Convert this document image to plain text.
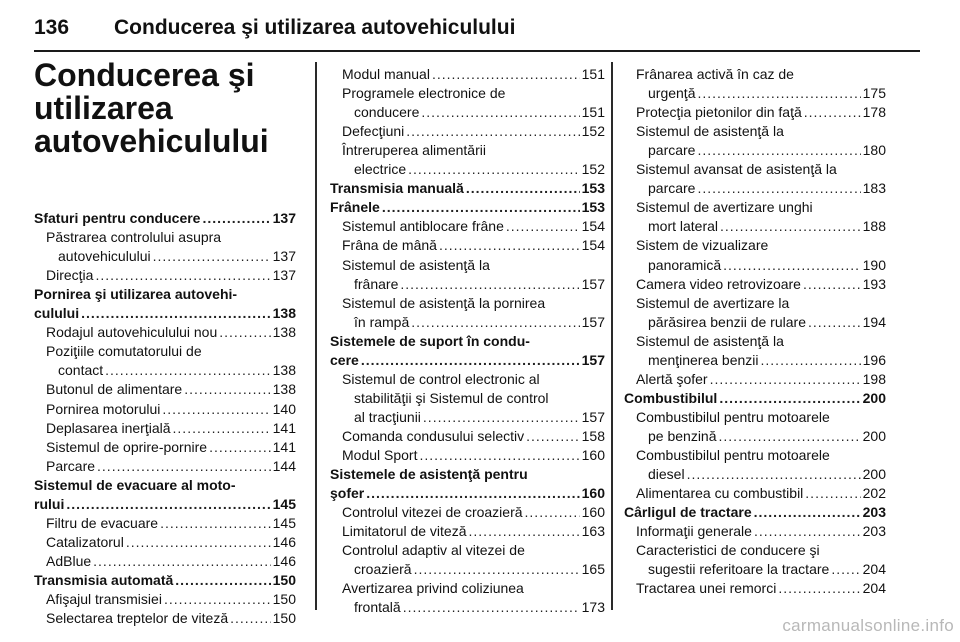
136 Conducerea şi utilizarea autovehiculului
Conducerea şi
utilizarea
autovehiculului
Sfaturi pentru conducere .....	137
Păstrarea controlului asupra
autovehiculului .....	137
Direcţia .....	137
Pornirea şi utilizarea autovehi-
culului .....	138
Rodajul autovehiculului nou .....	138
Poziţiile comutatorului de
contact .....	138
Butonul de alimentare .....	138
Pornirea motorului .....	140
Deplasarea inerţială .....	141
Sistemul de oprire-pornire .....	141
Parcare .....	144
Sistemul de evacuare al moto-
rului .....	145
Filtru de evacuare .....	145
Catalizatorul .....	146
AdBlue .....	146
Transmisia automată .....	150
Afişajul transmisiei .....	150
Selectarea treptelor de viteză .....	150
Modul manual .....	151
Programele electronice de
conducere .....	151
Defecţiuni .....	152
Întreruperea alimentării
electrice .....	152
Transmisia manuală .....	153
Frânele .....	153
Sistemul antiblocare frâne .....	154
Frâna de mână .....	154
Sistemul de asistenţă la
frânare .....	157
Sistemul de asistenţă la pornirea
în rampă .....	157
Sistemele de suport în condu-
cere .....	157
Sistemul de control electronic al
stabilităţii şi Sistemul de control
al tracţiunii .....	157
Comanda condusului selectiv .....	158
Modul Sport .....	160
Sistemele de asistenţă pentru
şofer .....	160
Controlul vitezei de croazieră .....	160
Limitatorul de viteză .....	163
Controlul adaptiv al vitezei de
croazieră .....	165
Avertizarea privind coliziunea
frontală .....	173
Frânarea activă în caz de
urgenţă .....	175
Protecţia pietonilor din faţă .....	178
Sistemul de asistenţă la
parcare .....	180
Sistemul avansat de asistenţă la
parcare .....	183
Sistemul de avertizare unghi
mort lateral .....	188
Sistem de vizualizare
panoramică .....	190
Camera video retrovizoare .....	193
Sistemul de avertizare la
părăsirea benzii de rulare .....	194
Sistemul de asistenţă la
menţinerea benzii .....	196
Alertă şofer .....	198
Combustibilul .....	200
Combustibilul pentru motoarele
pe benzină .....	200
Combustibilul pentru motoarele
diesel .....	200
Alimentarea cu combustibil .....	202
Cârligul de tractare .....	203
Informaţii generale .....	203
Caracteristici de conducere şi
sugestii referitoare la tractare ..... 204
Tractarea unei remorci .....	204
carmanualsonline.info
